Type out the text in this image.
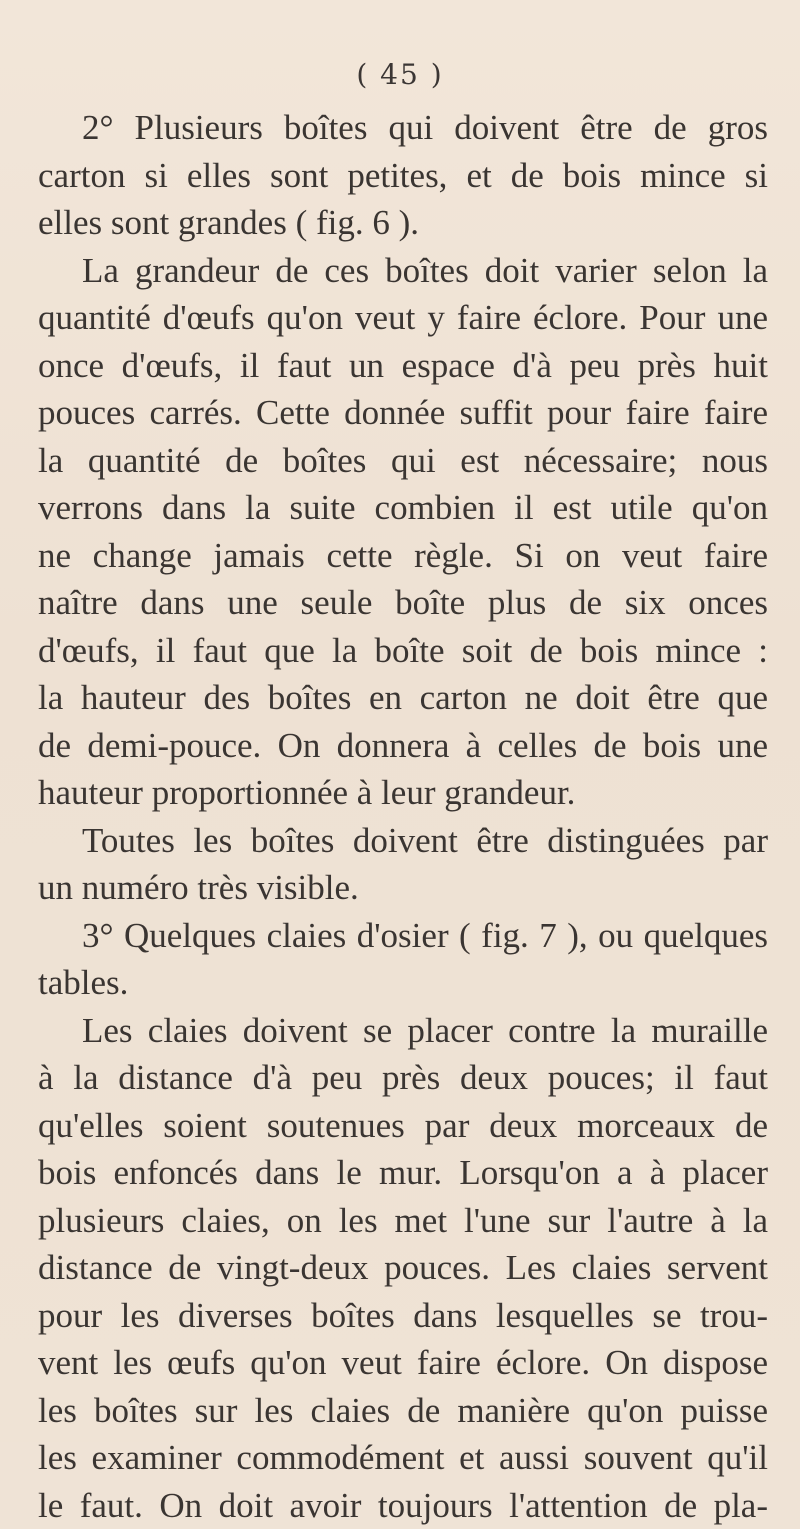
( 45 )
2° Plusieurs boîtes qui doivent être de gros
carton si elles sont petites, et de bois mince si
elles sont grandes ( fig. 6 ).
La grandeur de ces boîtes doit varier selon la
quantité d'œufs qu'on veut y faire éclore. Pour une
once d'œufs, il faut un espace d'à peu près huit
pouces carrés. Cette donnée suffit pour faire faire
la quantité de boîtes qui est nécessaire; nous
verrons dans la suite combien il est utile qu'on
ne change jamais cette règle. Si on veut faire
naître dans une seule boîte plus de six onces
d'œufs, il faut que la boîte soit de bois mince :
la hauteur des boîtes en carton ne doit être que
de demi-pouce. On donnera à celles de bois une
hauteur proportionnée à leur grandeur.
Toutes les boîtes doivent être distinguées par
un numéro très visible.
3° Quelques claies d'osier ( fig. 7 ), ou quelques
tables.
Les claies doivent se placer contre la muraille
à la distance d'à peu près deux pouces; il faut
qu'elles soient soutenues par deux morceaux de
bois enfoncés dans le mur. Lorsqu'on a à placer
plusieurs claies, on les met l'une sur l'autre à la
distance de vingt-deux pouces. Les claies servent
pour les diverses boîtes dans lesquelles se trou-
vent les œufs qu'on veut faire éclore. On dispose
les boîtes sur les claies de manière qu'on puisse
les examiner commodément et aussi souvent qu'il
le faut. On doit avoir toujours l'attention de pla-
